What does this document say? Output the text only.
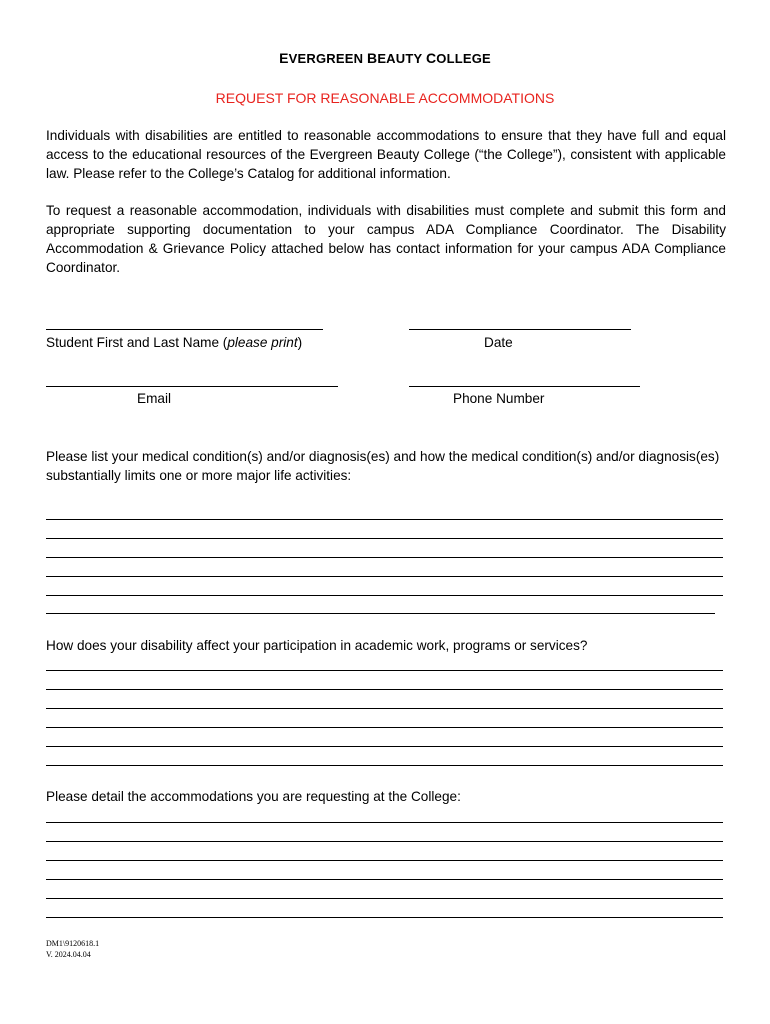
EVERGREEN BEAUTY COLLEGE
REQUEST FOR REASONABLE ACCOMMODATIONS
Individuals with disabilities are entitled to reasonable accommodations to ensure that they have full and equal access to the educational resources of the Evergreen Beauty College (“the College”), consistent with applicable law. Please refer to the College’s Catalog for additional information.
To request a reasonable accommodation, individuals with disabilities must complete and submit this form and appropriate supporting documentation to your campus ADA Compliance Coordinator. The Disability Accommodation & Grievance Policy attached below has contact information for your campus ADA Compliance Coordinator.
Student First and Last Name (please print)	Date
Email	Phone Number
Please list your medical condition(s) and/or diagnosis(es) and how the medical condition(s) and/or diagnosis(es) substantially limits one or more major life activities:
How does your disability affect your participation in academic work, programs or services?
Please detail the accommodations you are requesting at the College:
DM1\9120618.1
V. 2024.04.04
